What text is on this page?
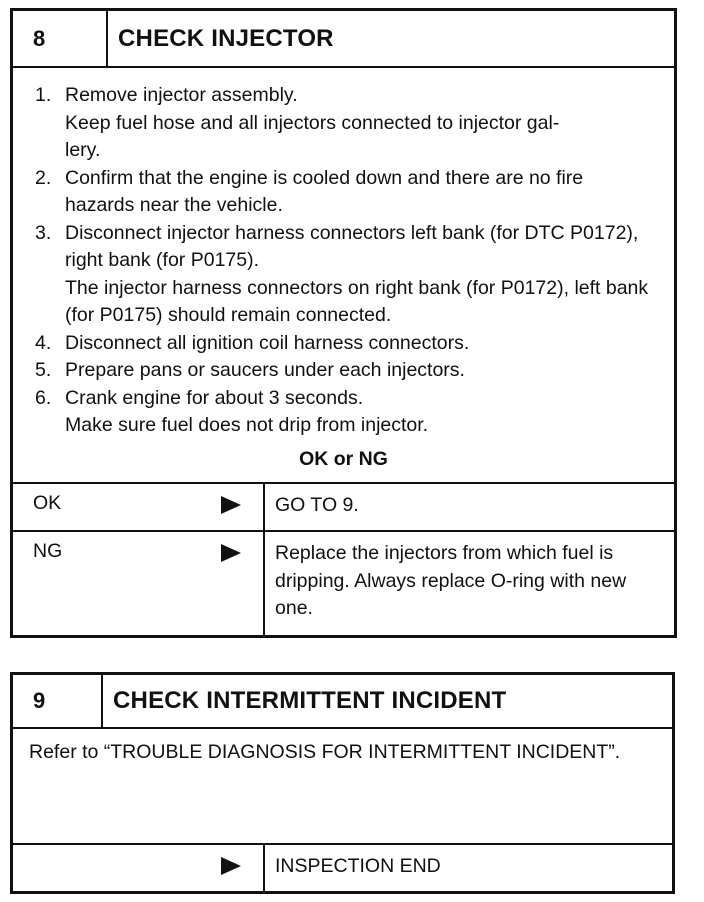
8	CHECK INJECTOR
1. Remove injector assembly.
Keep fuel hose and all injectors connected to injector gal-lery.
2. Confirm that the engine is cooled down and there are no fire hazards near the vehicle.
3. Disconnect injector harness connectors left bank (for DTC P0172), right bank (for P0175).
The injector harness connectors on right bank (for P0172), left bank (for P0175) should remain connected.
4. Disconnect all ignition coil harness connectors.
5. Prepare pans or saucers under each injectors.
6. Crank engine for about 3 seconds.
Make sure fuel does not drip from injector.
OK or NG
OK	GO TO 9.
NG	Replace the injectors from which fuel is dripping. Always replace O-ring with new one.
9	CHECK INTERMITTENT INCIDENT
Refer to “TROUBLE DIAGNOSIS FOR INTERMITTENT INCIDENT”.
INSPECTION END
